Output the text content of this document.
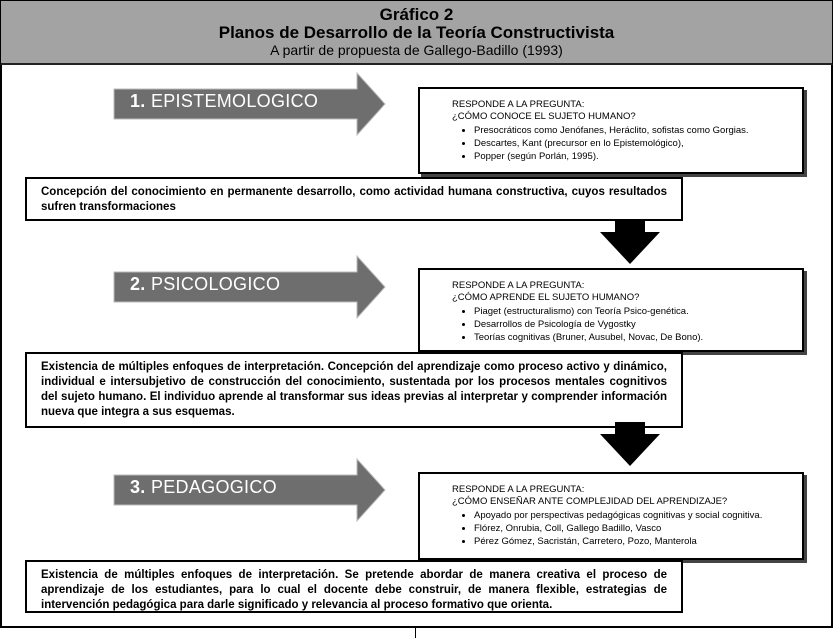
Gráfico 2
Planos de Desarrollo de la Teoría Constructivista
A partir de propuesta de Gallego-Badillo (1993)
1. EPISTEMOLOGICO	RESPONDE A LA PREGUNTA:
¿CÓMO CONOCE EL SUJETO HUMANO?
• Presocráticos como Jenófanes, Heráclito, sofistas como Gorgias.
• Descartes, Kant (precursor en lo Epistemológico),
• Popper (según Porlán, 1995).
Concepción del conocimiento en permanente desarrollo, como actividad humana constructiva, cuyos resultados sufren transformaciones
2. PSICOLOGICO	RESPONDE A LA PREGUNTA:
¿CÓMO APRENDE EL SUJETO HUMANO?
• Piaget (estructuralismo) con Teoría Psico-genética.
• Desarrollos de Psicología de Vygostky
• Teorías cognitivas (Bruner, Ausubel, Novac, De Bono).
Existencia de múltiples enfoques de interpretación. Concepción del aprendizaje como proceso activo y dinámico, individual e intersubjetivo de construcción del conocimiento, sustentada por los procesos mentales cognitivos del sujeto humano. El individuo aprende al transformar sus ideas previas al interpretar y comprender información nueva que integra a sus esquemas.
3. PEDAGOGICO	RESPONDE A LA PREGUNTA:
¿CÓMO ENSEÑAR ANTE COMPLEJIDAD DEL APRENDIZAJE?
• Apoyado por perspectivas pedagógicas cognitivas y social cognitiva.
• Flórez, Onrubia, Coll, Gallego Badillo, Vasco
• Pérez Gómez, Sacristán, Carretero, Pozo, Manterola
Existencia de múltiples enfoques de interpretación. Se pretende abordar de manera creativa el proceso de aprendizaje de los estudiantes, para lo cual el docente debe construir, de manera flexible, estrategias de intervención pedagógica para darle significado y relevancia al proceso formativo que orienta.
